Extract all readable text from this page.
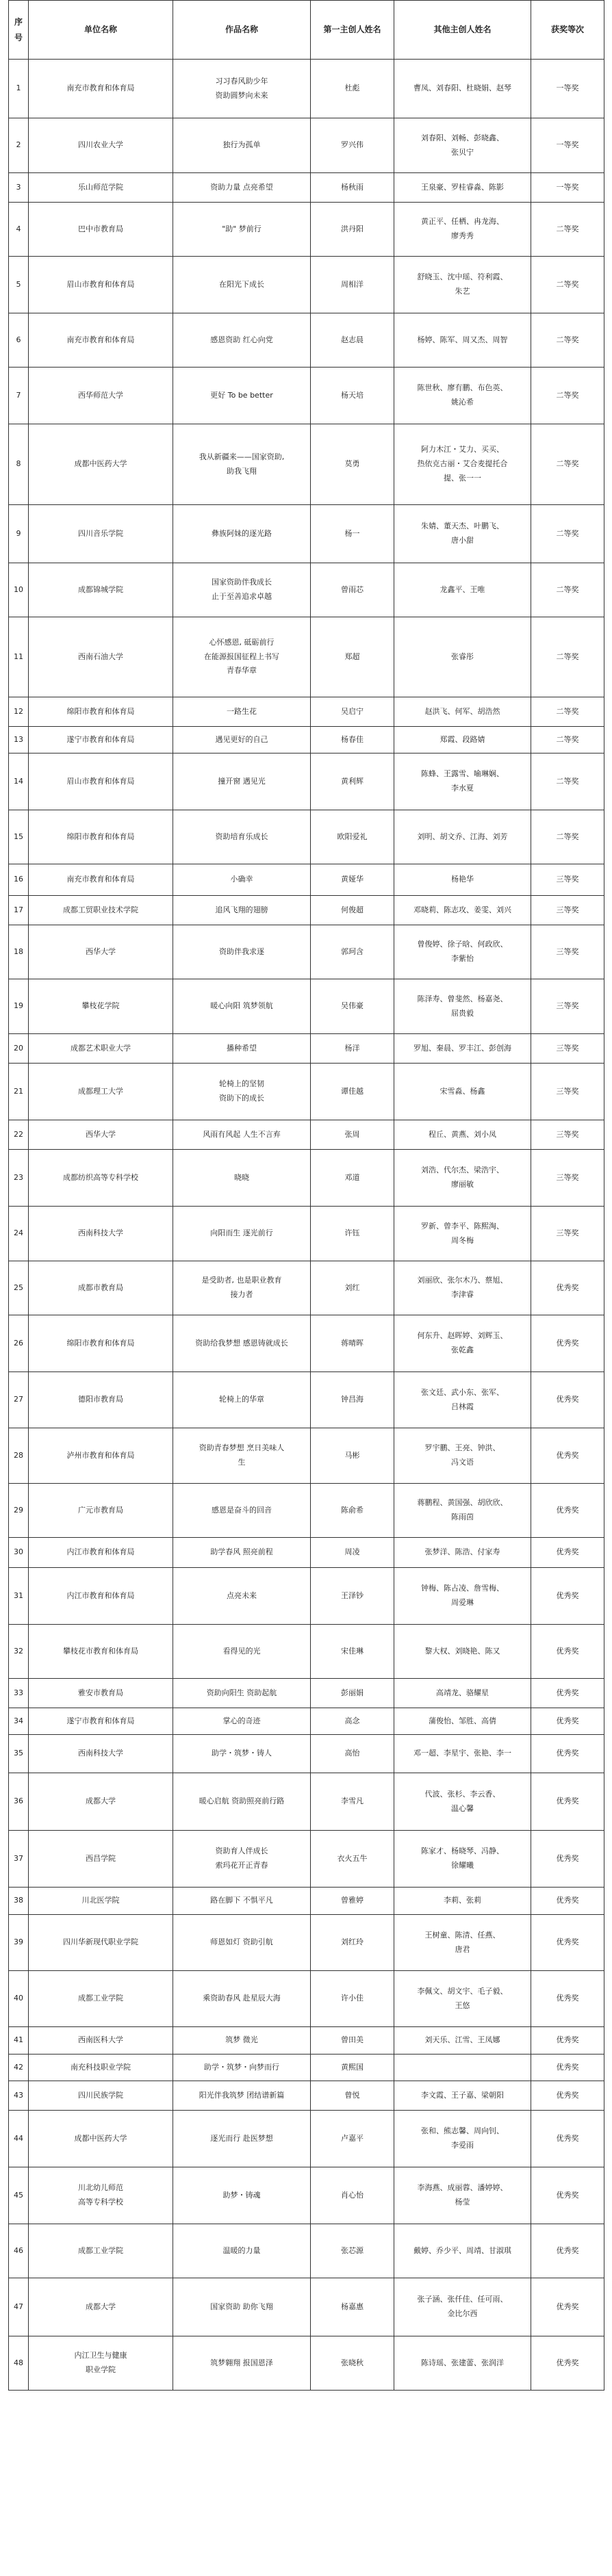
序
号	单位名称	作品名称	第一主创人姓名	其他主创人姓名	获奖等次
1	南充市教育和体育局	习习春风助少年
资助圆梦向未来	杜彪	曹凤、刘春阳、杜晓娟、赵琴	一等奖
2	四川农业大学	独行为孤单	罗兴伟	刘春阳、刘畅、彭晓鑫、
张贝宁	一等奖
3	乐山师范学院	资助力量 点亮希望	杨秋雨	王泉豪、罗桂睿淼、陈影	一等奖
4	巴中市教育局	"助" 梦前行	洪丹阳	黄正平、任栖、冉龙海、
廖秀秀	二等奖
5	眉山市教育和体育局	在阳光下成长	周相洋	舒晓玉、沈中瑶、符利霞、
朱艺	二等奖
6	南充市教育和体育局	感恩资助 红心向党	赵志晨	杨婷、陈军、周又杰、周智	二等奖
7	西华师范大学	更好 To be better	杨天培	陈世秋、廖有鹏、布色英、
姚沁希	二等奖
8	成都中医药大学	我从新疆来——国家资助,
助我飞翔	莫勇	阿力木江・艾力、买买、
热依克古丽・艾合麦提托合
提、张一一	二等奖
9	四川音乐学院	彝族阿妹的逐光路	杨一	朱婧、董天杰、叶鹏飞、
唐小甜	二等奖
10	成都锦城学院	国家资助伴我成长
止于至善追求卓越	曾雨芯	龙鑫平、王唯	二等奖
11	西南石油大学	心怀感恩, 砥砺前行
在能源报国征程上书写
青春华章	郑超	张睿彤	二等奖
12	绵阳市教育和体育局	一路生花	吴启宁	赵洪飞、何军、胡浩然	二等奖
13	遂宁市教育和体育局	遇见更好的自己	杨春佳	郑霞、段路婧	二等奖
14	眉山市教育和体育局	撞开窗 遇见光	黄利辉	陈蜂、王露雪、喻琳娴、
李水夏	二等奖
15	绵阳市教育和体育局	资助培育乐成长	欧阳爱礼	刘明、胡文乔、江海、刘芳	二等奖
16	南充市教育和体育局	小确幸	黄娅华	杨艳华	三等奖
17	成都工贸职业技术学院	追风飞翔的翅膀	何俊超	邓晓莉、陈志攻、姜雯、刘兴	三等奖
18	西华大学	资助伴我求逐	郭珂含	曾俊婷、徐子晗、何政欣、
李紫怡	三等奖
19	攀枝花学院	暖心向阳 筑梦领航	吴伟豪	陈泽寿、曾斐然、杨嘉尧、
屈贵毅	三等奖
20	成都艺术职业大学	播种希望	杨洋	罗旭、秦晨、罗丰江、彭创海	三等奖
21	成都理工大学	轮椅上的坚韧
资助下的成长	谭佳越	宋雪淼、杨鑫	三等奖
22	西华大学	风雨有风起 人生不言弃	张周	程丘、黄燕、刘小凤	三等奖
23	成都纺织高等专科学校	晓晓	邓道	刘浩、代尔杰、梁浩宇、
廖丽敏	三等奖
24	西南科技大学	向阳而生 逐光前行	许钰	罗新、曾李平、陈熙淘、
周冬梅	三等奖
25	成都市教育局	是受助者, 也是职业教育
接力者	刘红	刘丽欣、张尔木乃、蔡旭、
李津睿	优秀奖
26	绵阳市教育和体育局	资助给我梦想 感恩铸就成长	蒋晴晖	何东升、赵晖婷、刘辉玉、
张乾鑫	优秀奖
27	德阳市教育局	轮椅上的华章	钟昌海	张文廷、武小东、张军、
吕林霞	优秀奖
28	泸州市教育和体育局	资助青春梦想 烹日美味人
生	马彬	罗宇鹏、王亮、钟洪、
冯文语	优秀奖
29	广元市教育局	感恩是奋斗的回音	陈俞希	蒋鹏程、黄国强、胡欣欣、
陈雨茵	优秀奖
30	内江市教育和体育局	助学春风 照亮前程	周凌	张梦洋、陈浩、付家寿	优秀奖
31	内江市教育和体育局	点亮未来	王泽钞	钟梅、陈占凌、詹雪梅、
周爱琳	优秀奖
32	攀枝花市教育和体育局	看得见的光	宋佳琳	黎大权、刘晓艳、陈又	优秀奖
33	雅安市教育局	资助向阳生 资助起航	彭丽娟	高靖龙、骆耀星	优秀奖
34	遂宁市教育和体育局	掌心的奇迹	高念	蒲俊怡、邹胜、高倩	优秀奖
35	西南科技大学	助学・筑梦・铸人	高怡	邓一超、李星宇、张艳、李一	优秀奖
36	成都大学	暖心启航 资助照亮前行路	李雪凡	代波、张杉、李云香、
温心馨	优秀奖
37	西昌学院	资助育人伴成长
索玛花开正青春	衣火五牛	陈家才、杨晓琴、冯静、
徐耀曦	优秀奖
38	川北医学院	路在脚下 不惧平凡	曾雅婷	李莉、张莉	优秀奖
39	四川华新现代职业学院	师恩如灯 资助引航	刘红玲	王树童、陈清、任燕、
唐君	优秀奖
40	成都工业学院	乘资助春风 赴星辰大海	许小佳	李佩文、胡文宇、毛子毅、
王悠	优秀奖
41	西南医科大学	筑梦 微光	曾田美	刘天乐、江雪、王凤娜	优秀奖
42	南充科技职业学院	助学・筑梦・向梦而行	黄熙国		优秀奖
43	四川民族学院	阳光伴我筑梦 团结谱新篇	曾悦	李文霞、王子嘉、梁朝阳	优秀奖
44	成都中医药大学	逐光而行 赴医梦想	卢嘉平	张和、熊志馨、周向钊、
李爱雨	优秀奖
45	川北幼儿师范
高等专科学校	助梦・铸魂	肖心怡	李海燕、成丽蓉、潘婷婷、
杨莹	优秀奖
46	成都工业学院	温暖的力量	张芯源	戴婷、乔少平、周靖、甘淑琪	优秀奖
47	成都大学	国家资助 助你飞翔	杨嘉惠	张子涵、张仟佳、任可雨、
金比尔西	优秀奖
48	内江卫生与健康
职业学院	筑梦翱翔 报国恩泽	张晓秋	陈诗瑶、张建蕾、张润洋	优秀奖
